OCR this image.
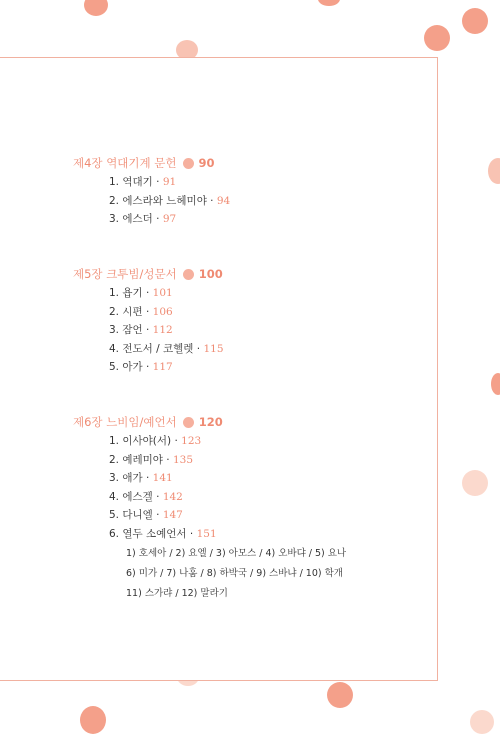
제4장 역대기계 문헌 90
1. 역대기 · 91
2. 에스라와 느헤미야 · 94
3. 에스더 · 97
제5장 크투빔/성문서 100
1. 욥기 · 101
2. 시편 · 106
3. 잠언 · 112
4. 전도서 / 코헬렛 · 115
5. 아가 · 117
제6장 느비임/예언서 120
1. 이사야(서) · 123
2. 예레미야 · 135
3. 애가 · 141
4. 에스겔 · 142
5. 다니엘 · 147
6. 열두 소예언서 · 151
1) 호세아 / 2) 요엘 / 3) 아모스 / 4) 오바댜 / 5) 요나
6) 미가 / 7) 나훔 / 8) 하박국 / 9) 스바냐 / 10) 학개
11) 스가랴 / 12) 말라기
